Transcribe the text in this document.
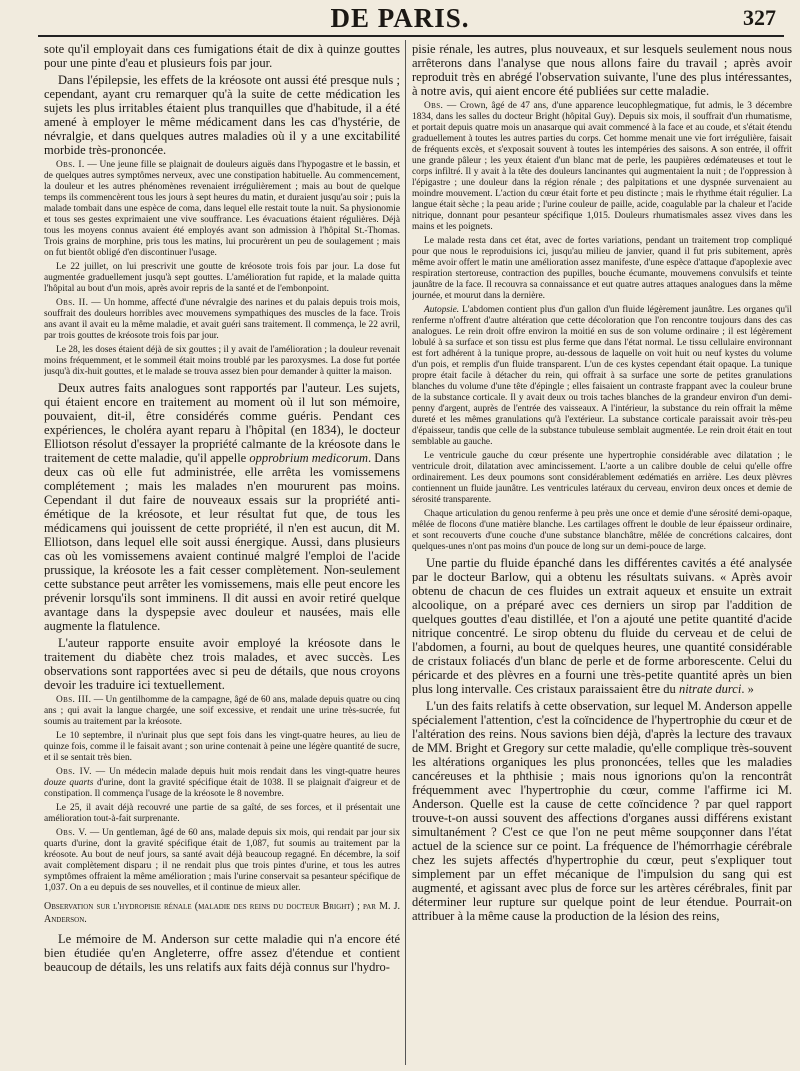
DE PARIS.	327

sote qu'il employait dans ces fumigations était de dix à quinze gouttes pour une pinte d'eau et plusieurs fois par jour.

Dans l'épilepsie, les effets de la kréosote ont aussi été presque nuls ; cependant, ayant cru remarquer qu'à la suite de cette médication les sujets les plus irritables étaient plus tranquilles que d'habitude, il a été amené à employer le même médicament dans les cas d'hystérie, de névralgie, et dans quelques autres maladies où il y a une excitabilité morbide très-prononcée.

Obs. I. — Une jeune fille se plaignait de douleurs aiguës dans l'hypogastre et le bassin, et de quelques autres symptômes nerveux, avec une constipation habituelle. Au commencement, la douleur et les autres phénomènes revenaient irrégulièrement ; mais au bout de quelque temps ils commencèrent tous les jours à sept heures du matin, et duraient jusqu'au soir ; puis la malade tombait dans une espèce de coma, dans lequel elle restait toute la nuit. Sa physionomie et tous ses gestes exprimaient une vive souffrance. Les évacuations étaient régulières. Déjà tous les moyens connus avaient été employés avant son admission à l'hôpital St.-Thomas. Trois grains de morphine, pris tous les matins, lui procurèrent un peu de soulagement ; mais on fut bientôt obligé d'en discontinuer l'usage.

Le 22 juillet, on lui prescrivit une goutte de kréosote trois fois par jour. La dose fut augmentée graduellement jusqu'à sept gouttes. L'amélioration fut rapide, et la malade quitta l'hôpital au bout d'un mois, après avoir repris de la santé et de l'embonpoint.

Obs. II. — Un homme, affecté d'une névralgie des narines et du palais depuis trois mois, souffrait des douleurs horribles avec mouvemens sympathiques des muscles de la face. Trois ans avant il avait eu la même maladie, et avait guéri sans traitement. Il commença, le 22 avril, par trois gouttes de kréosote trois fois par jour.

Le 28, les doses étaient déjà de six gouttes ; il y avait de l'amélioration ; la douleur revenait moins fréquemment, et le sommeil était moins troublé par les paroxysmes. La dose fut portée jusqu'à dix-huit gouttes, et le malade se trouva assez bien pour demander à quitter la maison.

Deux autres faits analogues sont rapportés par l'auteur. Les sujets, qui étaient encore en traitement au moment où il lut son mémoire, pouvaient, dit-il, être considérés comme guéris. Pendant ces expériences, le choléra ayant reparu à l'hôpital (en 1834), le docteur Elliotson résolut d'essayer la propriété calmante de la kréosote dans le traitement de cette maladie, qu'il appelle opprobrium medicorum. Dans deux cas où elle fut administrée, elle arrêta les vomissemens complétement ; mais les malades n'en moururent pas moins. Cependant il dut faire de nouveaux essais sur la propriété anti-émétique de la kréosote, et leur résultat fut que, de tous les médicamens qui jouissent de cette propriété, il n'en est aucun, dit M. Elliotson, dans lequel elle soit aussi énergique. Aussi, dans plusieurs cas où les vomissemens avaient continué malgré l'emploi de l'acide prussique, la kréosote les a fait cesser complètement. Non-seulement cette substance peut arrêter les vomissemens, mais elle peut encore les prévenir lorsqu'ils sont imminens. Il dit aussi en avoir retiré quelque avantage dans la dyspepsie avec douleur et nausées, mais elle augmente la flatulence.

L'auteur rapporte ensuite avoir employé la kréosote dans le traitement du diabète chez trois malades, et avec succès. Les observations sont rapportées avec si peu de détails, que nous croyons devoir les traduire ici textuellement.

Obs. III. — Un gentilhomme de la campagne, âgé de 60 ans, malade depuis quatre ou cinq ans ; qui avait la langue chargée, une soif excessive, et rendait une urine très-sucrée, fut soumis au traitement par la kréosote.

Le 10 septembre, il n'urinait plus que sept fois dans les vingt-quatre heures, au lieu de quinze fois, comme il le faisait avant ; son urine contenait à peine une légère quantité de sucre, et il se sentait très bien.

Obs. IV. — Un médecin malade depuis huit mois rendait dans les vingt-quatre heures douze quarts d'urine, dont la gravité spécifique était de 1038. Il se plaignait d'aigreur et de constipation. Il commença l'usage de la kréosote le 8 novembre.

Le 25, il avait déjà recouvré une partie de sa gaîté, de ses forces, et il présentait une amélioration tout-à-fait surprenante.

Obs. V. — Un gentleman, âgé de 60 ans, malade depuis six mois, qui rendait par jour six quarts d'urine, dont la gravité spécifique était de 1,087, fut soumis au traitement par la kréosote. Au bout de neuf jours, sa santé avait déjà beaucoup regagné. En décembre, la soif avait complètement disparu ; il ne rendait plus que trois pintes d'urine, et tous les autres symptômes offraient la même amélioration ; mais l'urine conservait sa pesanteur spécifique de 1,037. On a eu depuis de ses nouvelles, et il continue de mieux aller.

Observation sur l'hydropisie rénale (maladie des reins du docteur Bright) ; par M. J. Anderson.

Le mémoire de M. Anderson sur cette maladie qui n'a encore été bien étudiée qu'en Angleterre, offre assez d'étendue et contient beaucoup de détails, les uns relatifs aux faits déjà connus sur l'hydro-

pisie rénale, les autres, plus nouveaux, et sur lesquels seulement nous nous arrêterons dans l'analyse que nous allons faire du travail ; après avoir reproduit très en abrégé l'observation suivante, l'une des plus intéressantes, à notre avis, qui aient encore été publiées sur cette maladie.

Obs. — Crown, âgé de 47 ans, d'une apparence leucophlegmatique, fut admis, le 3 décembre 1834, dans les salles du docteur Bright (hôpital Guy). Depuis six mois, il souffrait d'un rhumatisme, et portait depuis quatre mois un anasarque qui avait commencé à la face et au coude, et s'était étendu graduellement à toutes les autres parties du corps. Cet homme menait une vie fort irrégulière, faisait de fréquents excès, et s'exposait souvent à toutes les intempéries des saisons. A son entrée, il offrit une grande pâleur ; les yeux étaient d'un blanc mat de perle, les paupières œdémateuses et tout le corps infiltré. Il y avait à la tête des douleurs lancinantes qui augmentaient la nuit ; de l'oppression à l'épigastre ; une douleur dans la région rénale ; des palpitations et une dyspnée survenaient au moindre mouvement. L'action du cœur était forte et peu distincte ; mais le rhythme était régulier. La langue était sèche ; la peau aride ; l'urine couleur de paille, acide, coagulable par la chaleur et l'acide nitrique, donnant pour pesanteur spécifique 1,015. Douleurs rhumatismales assez vives dans les mains et les poignets.

Le malade resta dans cet état, avec de fortes variations, pendant un traitement trop compliqué pour que nous le reproduisions ici, jusqu'au milieu de janvier, quand il fut pris subitement, après même avoir offert le matin une amélioration assez manifeste, d'une espèce d'attaque d'apoplexie avec respiration stertoreuse, contraction des pupilles, bouche écumante, mouvemens convulsifs et teinte jaunâtre de la face. Il recouvra sa connaissance et eut quatre autres attaques analogues dans la même journée, et mourut dans la dernière.

Autopsie. L'abdomen contient plus d'un gallon d'un fluide légèrement jaunâtre. Les organes qu'il renferme n'offrent d'autre altération que cette décoloration que l'on rencontre toujours dans des cas analogues. Le rein droit offre environ la moitié en sus de son volume ordinaire ; il est légèrement lobulé à sa surface et son tissu est plus ferme que dans l'état normal. Le tissu cellulaire environnant est fort adhérent à la tunique propre, au-dessous de laquelle on voit huit ou neuf kystes du volume d'un pois, et remplis d'un fluide transparent. L'un de ces kystes cependant était opaque. La tunique propre était facile à détacher du rein, qui offrait à sa surface une sorte de petites granulations blanches du volume d'une tête d'épingle ; elles faisaient un contraste frappant avec la couleur brune de la substance corticale. Il y avait deux ou trois taches blanches de la grandeur environ d'un demi-penny d'argent, auprès de l'entrée des vaisseaux. A l'intérieur, la substance du rein offrait la même dureté et les mêmes granulations qu'à l'extérieur. La substance corticale paraissait avoir très-peu d'épaisseur, tandis que celle de la substance tubuleuse semblait augmentée. Le rein droit était en tout semblable au gauche.

Le ventricule gauche du cœur présente une hypertrophie considérable avec dilatation ; le ventricule droit, dilatation avec amincissement. L'aorte a un calibre double de celui qu'elle offre ordinairement. Les deux poumons sont considérablement œdématiés en arrière. Les deux plèvres contiennent un fluide jaunâtre. Les ventricules latéraux du cerveau, environ deux onces et demie de sérosité transparente.

Chaque articulation du genou renferme à peu près une once et demie d'une sérosité demi-opaque, mêlée de flocons d'une matière blanche. Les cartilages offrent le double de leur épaisseur ordinaire, et sont recouverts d'une couche d'une substance blanchâtre, mêlée de concrétions calcaires, dont quelques-unes n'ont pas moins d'un pouce de long sur un demi-pouce de large.

Une partie du fluide épanché dans les différentes cavités a été analysée par le docteur Barlow, qui a obtenu les résultats suivans. « Après avoir obtenu de chacun de ces fluides un extrait aqueux et ensuite un extrait alcoolique, on a préparé avec ces derniers un sirop par l'addition de quelques gouttes d'eau distillée, et l'on a ajouté une petite quantité d'acide nitrique concentré. Le sirop obtenu du fluide du cerveau et de celui de l'abdomen, a fourni, au bout de quelques heures, une quantité considérable de cristaux foliacés d'un blanc de perle et de forme arborescente. Celui du péricarde et des plèvres en a fourni une très-petite quantité après un bien plus long intervalle. Ces cristaux paraissaient être du nitrate durci. »

L'un des faits relatifs à cette observation, sur lequel M. Anderson appelle spécialement l'attention, c'est la coïncidence de l'hypertrophie du cœur et de l'altération des reins. Nous savions bien déjà, d'après la lecture des travaux de MM. Bright et Gregory sur cette maladie, qu'elle complique très-souvent les altérations organiques les plus prononcées, telles que les maladies cancéreuses et la phthisie ; mais nous ignorions qu'on la rencontrât fréquemment avec l'hypertrophie du cœur, comme l'affirme ici M. Anderson. Quelle est la cause de cette coïncidence ? par quel rapport trouve-t-on aussi souvent des affections d'organes aussi différens existant simultanément ? C'est ce que l'on ne peut même soupçonner dans l'état actuel de la science sur ce point. La fréquence de l'hémorrhagie cérébrale chez les sujets affectés d'hypertrophie du cœur, peut s'expliquer tout simplement par un effet mécanique de l'impulsion du sang qui est augmenté, et agissant avec plus de force sur les artères cérébrales, finit par déterminer leur rupture sur quelque point de leur étendue. Pourrait-on attribuer à la même cause la production de la lésion des reins,
